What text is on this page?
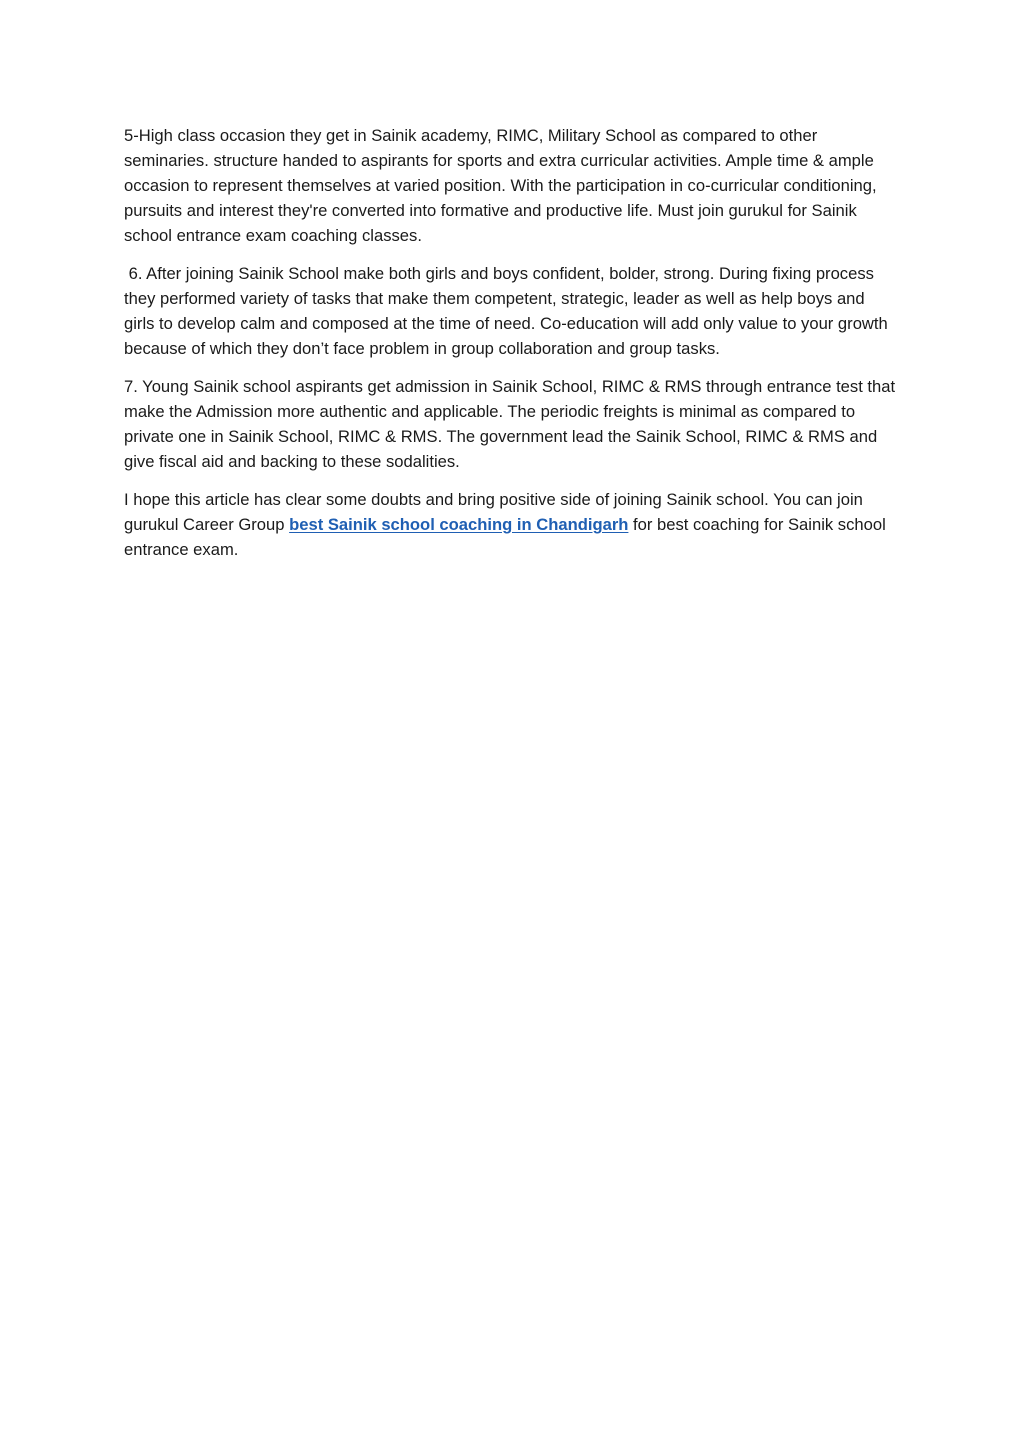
5-High class occasion they get in Sainik academy, RIMC, Military School as compared to other seminaries. structure handed to aspirants for sports and extra curricular activities. Ample time & ample occasion to represent themselves at varied position. With the participation in co-curricular conditioning, pursuits and interest they're converted into formative and productive life. Must join gurukul for Sainik school entrance exam coaching classes.

6. After joining Sainik School make both girls and boys confident, bolder, strong. During fixing process they performed variety of tasks that make them competent, strategic, leader as well as help boys and girls to develop calm and composed at the time of need. Co-education will add only value to your growth because of which they don’t face problem in group collaboration and group tasks.

7. Young Sainik school aspirants get admission in Sainik School, RIMC & RMS through entrance test that make the Admission more authentic and applicable. The periodic freights is minimal as compared to private one in Sainik School, RIMC & RMS. The government lead the Sainik School, RIMC & RMS and give fiscal aid and backing to these sodalities.

I hope this article has clear some doubts and bring positive side of joining Sainik school. You can join gurukul Career Group best Sainik school coaching in Chandigarh for best coaching for Sainik school entrance exam.
